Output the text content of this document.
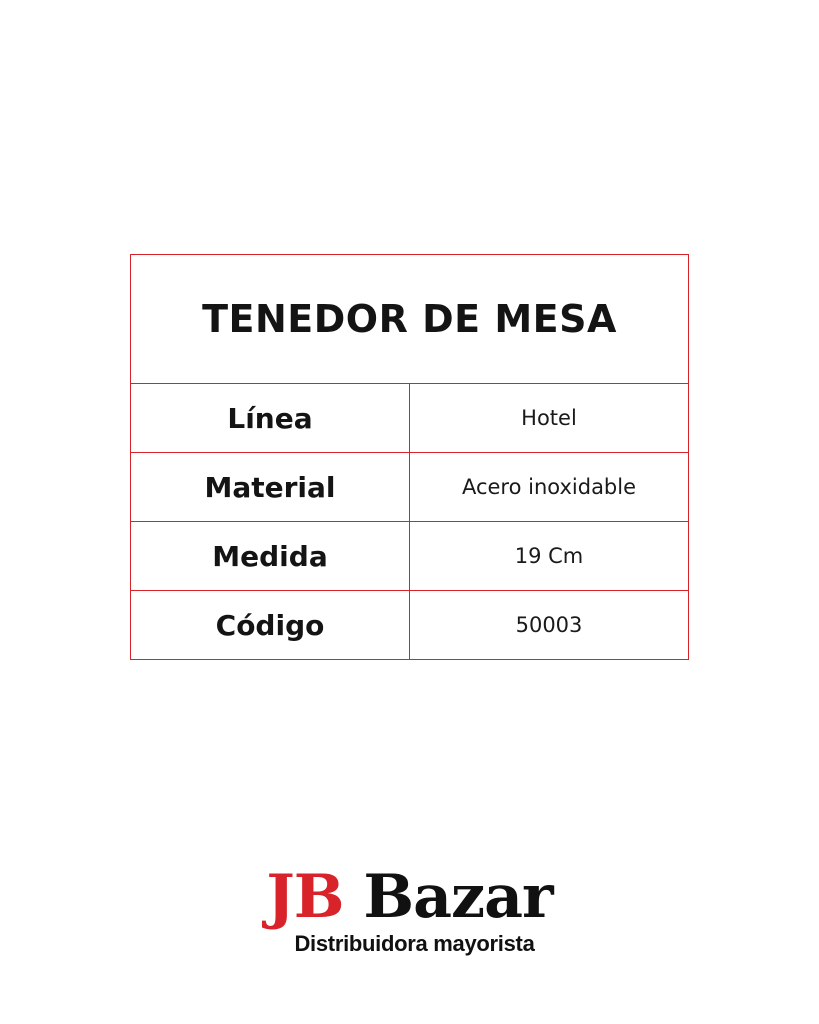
TENEDOR DE MESA	
Línea	Hotel
Material	Acero inoxidable
Medida	19 Cm
Código	50003
JB Bazar
Distribuidora mayorista
